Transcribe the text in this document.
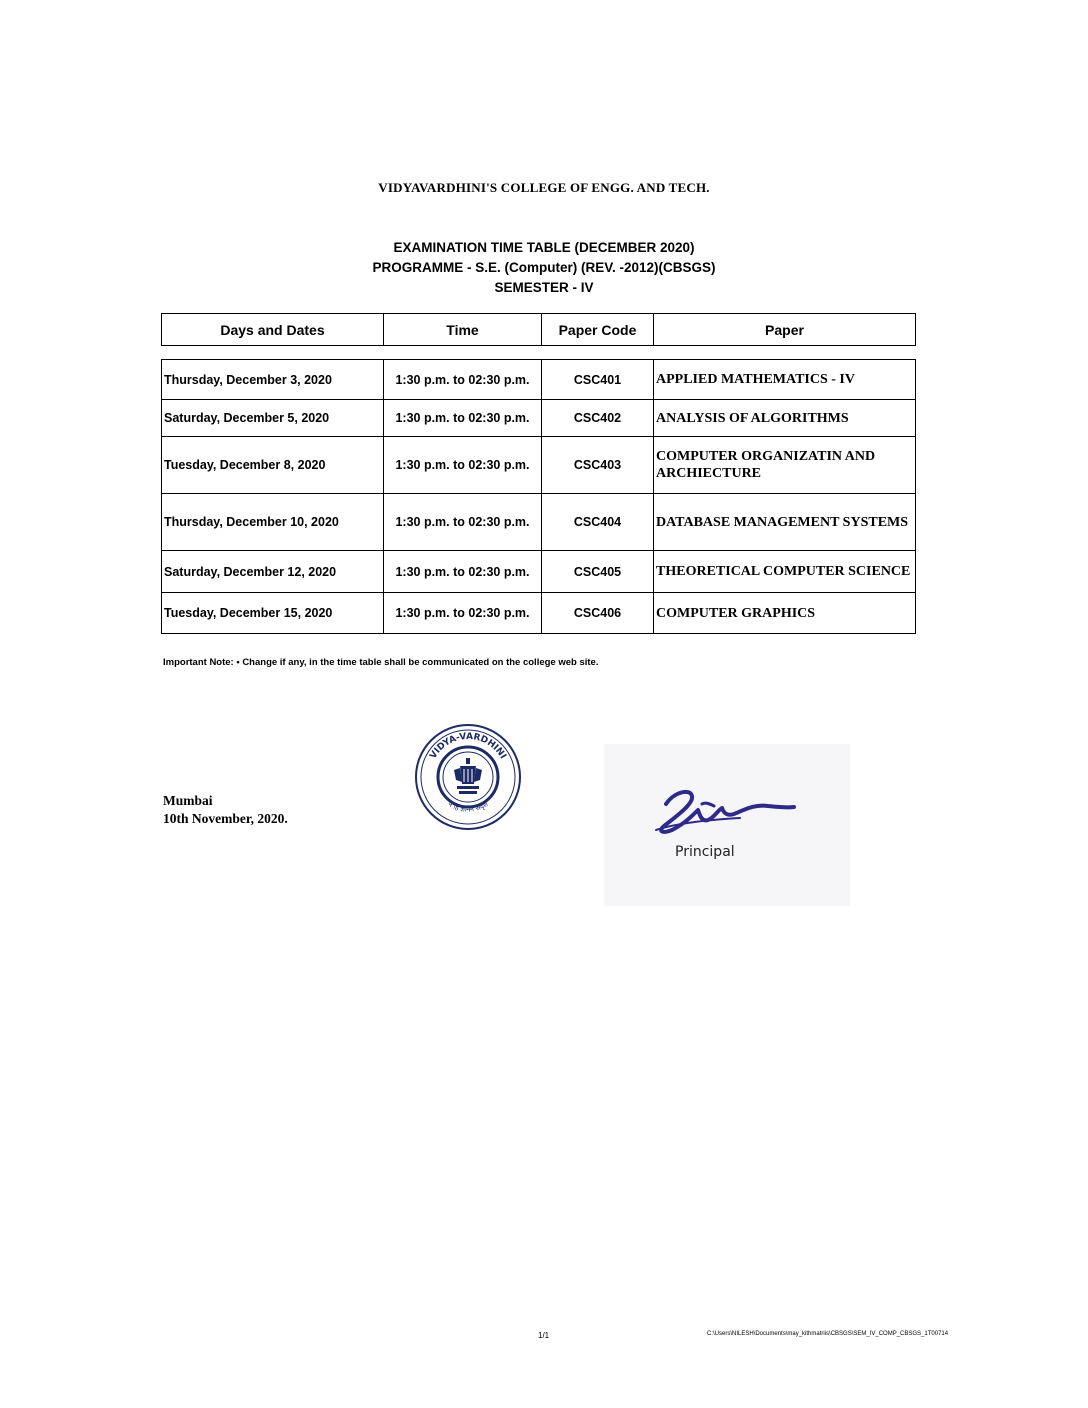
VIDYAVARDHINI'S COLLEGE OF ENGG. AND TECH.
EXAMINATION TIME TABLE (DECEMBER 2020)
PROGRAMME - S.E. (Computer) (REV. -2012)(CBSGS)
SEMESTER - IV
Days and Dates	Time	Paper Code	Paper
Thursday, December 3, 2020	1:30 p.m. to 02:30 p.m.	CSC401	APPLIED MATHEMATICS - IV
Saturday, December 5, 2020	1:30 p.m. to 02:30 p.m.	CSC402	ANALYSIS OF ALGORITHMS
Tuesday, December 8, 2020	1:30 p.m. to 02:30 p.m.	CSC403	COMPUTER ORGANIZATIN AND ARCHIECTURE
Thursday, December 10, 2020	1:30 p.m. to 02:30 p.m.	CSC404	DATABASE MANAGEMENT SYSTEMS
Saturday, December 12, 2020	1:30 p.m. to 02:30 p.m.	CSC405	THEORETICAL COMPUTER SCIENCE
Tuesday, December 15, 2020	1:30 p.m. to 02:30 p.m.	CSC406	COMPUTER GRAPHICS
Important Note: • Change if any, in the time table shall be communicated on the college web site.
Mumbai
10th November, 2020.
VIDYA-VARDHINI
न हि ज्ञानेन सदृशं
Principal
1/1	C:\Users\NILESH\Documents\may_kithmatriis\CBSGS\SEM_IV_COMP_CBSGS_1T00714
